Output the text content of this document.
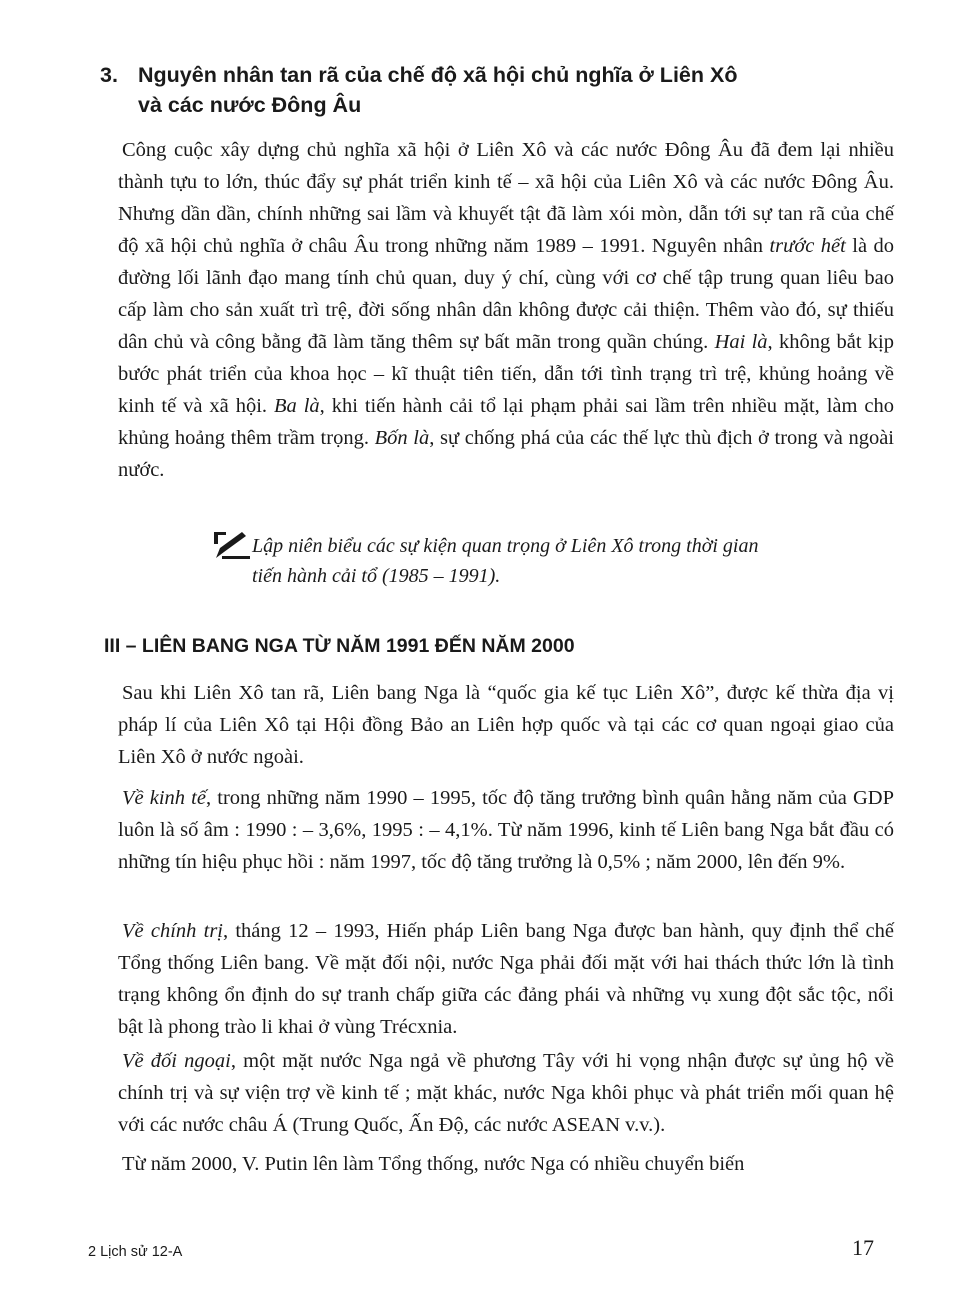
3. Nguyên nhân tan rã của chế độ xã hội chủ nghĩa ở Liên Xô
và các nước Đông Âu
Công cuộc xây dựng chủ nghĩa xã hội ở Liên Xô và các nước Đông Âu đã đem lại nhiều thành tựu to lớn, thúc đẩy sự phát triển kinh tế – xã hội của Liên Xô và các nước Đông Âu. Nhưng dần dần, chính những sai lầm và khuyết tật đã làm xói mòn, dẫn tới sự tan rã của chế độ xã hội chủ nghĩa ở châu Âu trong những năm 1989 – 1991. Nguyên nhân trước hết là do đường lối lãnh đạo mang tính chủ quan, duy ý chí, cùng với cơ chế tập trung quan liêu bao cấp làm cho sản xuất trì trệ, đời sống nhân dân không được cải thiện. Thêm vào đó, sự thiếu dân chủ và công bằng đã làm tăng thêm sự bất mãn trong quần chúng. Hai là, không bắt kịp bước phát triển của khoa học – kĩ thuật tiên tiến, dẫn tới tình trạng trì trệ, khủng hoảng về kinh tế và xã hội. Ba là, khi tiến hành cải tổ lại phạm phải sai lầm trên nhiều mặt, làm cho khủng hoảng thêm trầm trọng. Bốn là, sự chống phá của các thế lực thù địch ở trong và ngoài nước.
Lập niên biểu các sự kiện quan trọng ở Liên Xô trong thời gian
tiến hành cải tổ (1985 – 1991).
III – LIÊN BANG NGA TỪ NĂM 1991 ĐẾN NĂM 2000
Sau khi Liên Xô tan rã, Liên bang Nga là “quốc gia kế tục Liên Xô”, được kế thừa địa vị pháp lí của Liên Xô tại Hội đồng Bảo an Liên hợp quốc và tại các cơ quan ngoại giao của Liên Xô ở nước ngoài.
Về kinh tế, trong những năm 1990 – 1995, tốc độ tăng trưởng bình quân hằng năm của GDP luôn là số âm : 1990 : – 3,6%, 1995 : – 4,1%. Từ năm 1996, kinh tế Liên bang Nga bắt đầu có những tín hiệu phục hồi : năm 1997, tốc độ tăng trưởng là 0,5% ; năm 2000, lên đến 9%.
Về chính trị, tháng 12 – 1993, Hiến pháp Liên bang Nga được ban hành, quy định thể chế Tổng thống Liên bang. Về mặt đối nội, nước Nga phải đối mặt với hai thách thức lớn là tình trạng không ổn định do sự tranh chấp giữa các đảng phái và những vụ xung đột sắc tộc, nổi bật là phong trào li khai ở vùng Trécxnia.
Về đối ngoại, một mặt nước Nga ngả về phương Tây với hi vọng nhận được sự ủng hộ về chính trị và sự viện trợ về kinh tế ; mặt khác, nước Nga khôi phục và phát triển mối quan hệ với các nước châu Á (Trung Quốc, Ấn Độ, các nước ASEAN v.v.).
Từ năm 2000, V. Putin lên làm Tổng thống, nước Nga có nhiều chuyển biến
2 Lịch sử 12-A	17
